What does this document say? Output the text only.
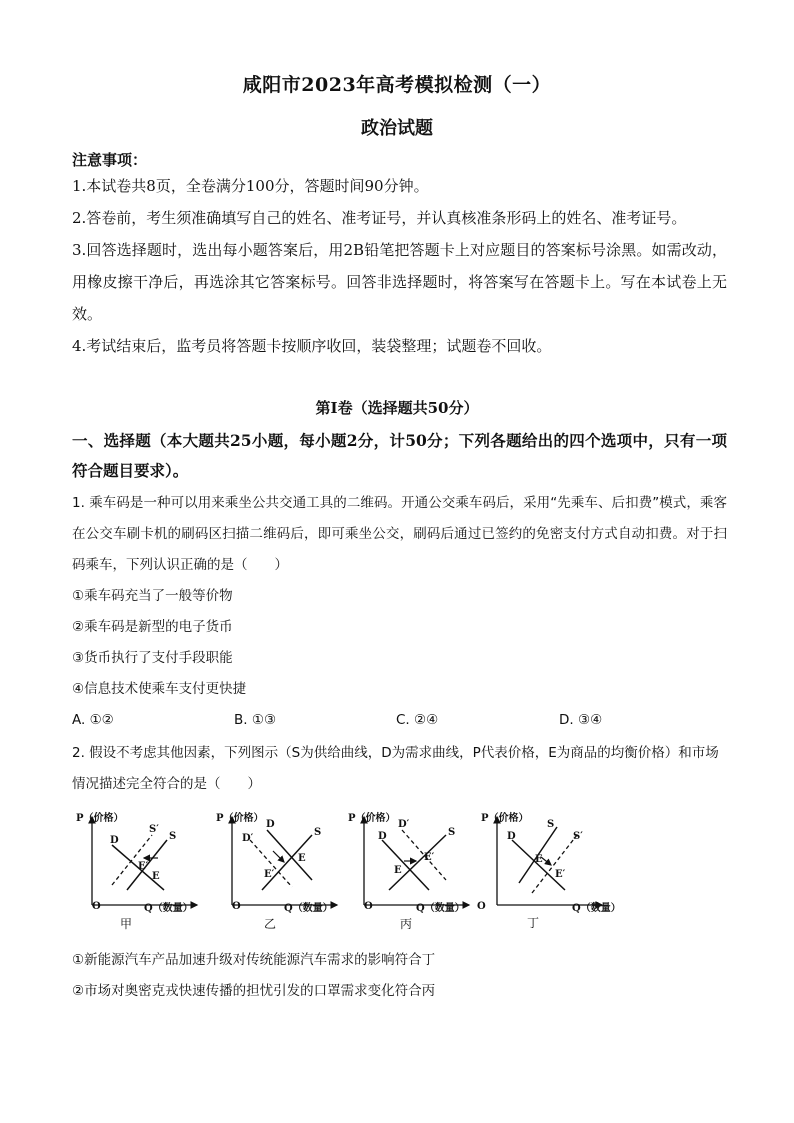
咸阳市2023年高考模拟检测（一）
政治试题
注意事项：

1.本试卷共8页，全卷满分100分，答题时间90分钟。

2.答卷前，考生须准确填写自己的姓名、准考证号，并认真核准条形码上的姓名、准考证号。

3.回答选择题时，选出每小题答案后，用2B铅笔把答题卡上对应题目的答案标号涂黑。如需改动，用橡皮擦干净后，再选涂其它答案标号。回答非选择题时，将答案写在答题卡上。写在本试卷上无效。

4.考试结束后，监考员将答题卡按顺序收回，装袋整理；试题卷不回收。

第Ⅰ卷（选择题共50分）
一、选择题（本大题共25小题，每小题2分，计50分；下列各题给出的四个选项中，只有一项符合题目要求）。

1. 乘车码是一种可以用来乘坐公共交通工具的二维码。开通公交乘车码后，采用“先乘车、后扣费”模式，乘客在公交车刷卡机的刷码区扫描二维码后，即可乘坐公交，刷码后通过已签约的免密支付方式自动扣费。对于扫码乘车，下列认识正确的是（　　）

①乘车码充当了一般等价物

②乘车码是新型的电子货币

③货币执行了支付手段职能

④信息技术使乘车支付更快捷

A. ①②	B. ①③	C. ②④	D. ③④

2. 假设不考虑其他因素，下列图示（S为供给曲线，D为需求曲线，P代表价格，E为商品的均衡价格）和市场情况描述完全符合的是（　　）

P（价格）
Q（数量）
O
D
S′
S
E′
E
甲
P（价格）
Q（数量）
O
D
D′
S
E
E′
乙
P（价格）
Q（数量）
O
D
D′
S
E′
E
丙
P（价格）
Q（数量）
O
D
S
S′
E
E′
丁

①新能源汽车产品加速升级对传统能源汽车需求的影响符合丁

②市场对奥密克戎快速传播的担忧引发的口罩需求变化符合丙
